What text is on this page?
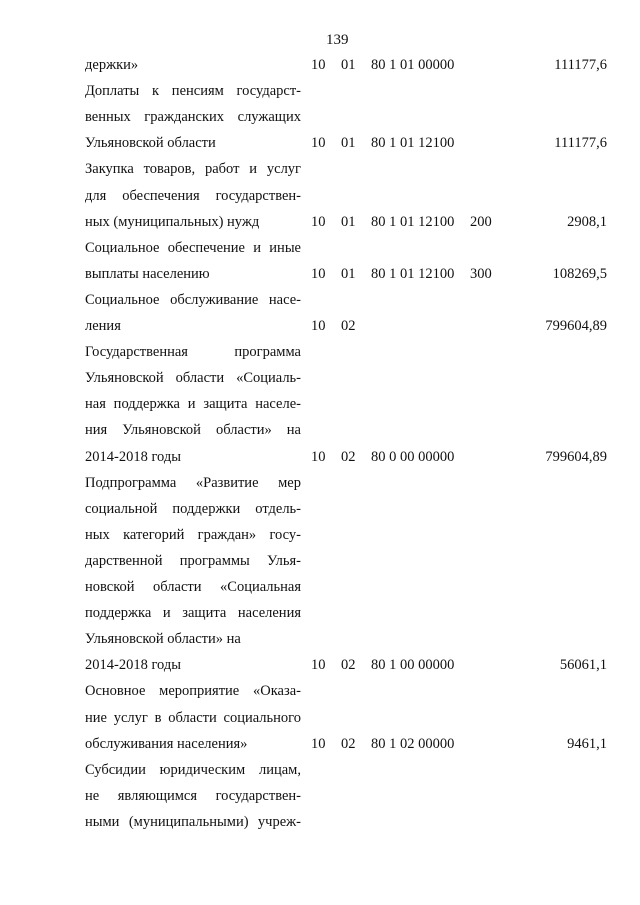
139
держки»	10 01 80 1 01 00000	111177,6
Доплаты к пенсиям государст-
венных гражданских служащих
Ульяновской области	10 01 80 1 01 12100	111177,6
Закупка товаров, работ и услуг
для обеспечения государствен-
ных (муниципальных) нужд	10 01 80 1 01 12100 200	2908,1
Социальное обеспечение и иные
выплаты населению	10 01 80 1 01 12100 300	108269,5
Социальное обслуживание насе-
ления	10 02	799604,89
Государственная программа
Ульяновской области «Социаль-
ная поддержка и защита населе-
ния Ульяновской области» на
2014-2018 годы	10 02 80 0 00 00000	799604,89
Подпрограмма «Развитие мер
социальной поддержки отдель-
ных категорий граждан» госу-
дарственной программы Улья-
новской области «Социальная
поддержка и защита населения
Ульяновской области» на
2014-2018 годы	10 02 80 1 00 00000	56061,1
Основное мероприятие «Оказа-
ние услуг в области социального
обслуживания населения»	10 02 80 1 02 00000	9461,1
Субсидии юридическим лицам,
не являющимся государствен-
ными (муниципальными) учреж-
